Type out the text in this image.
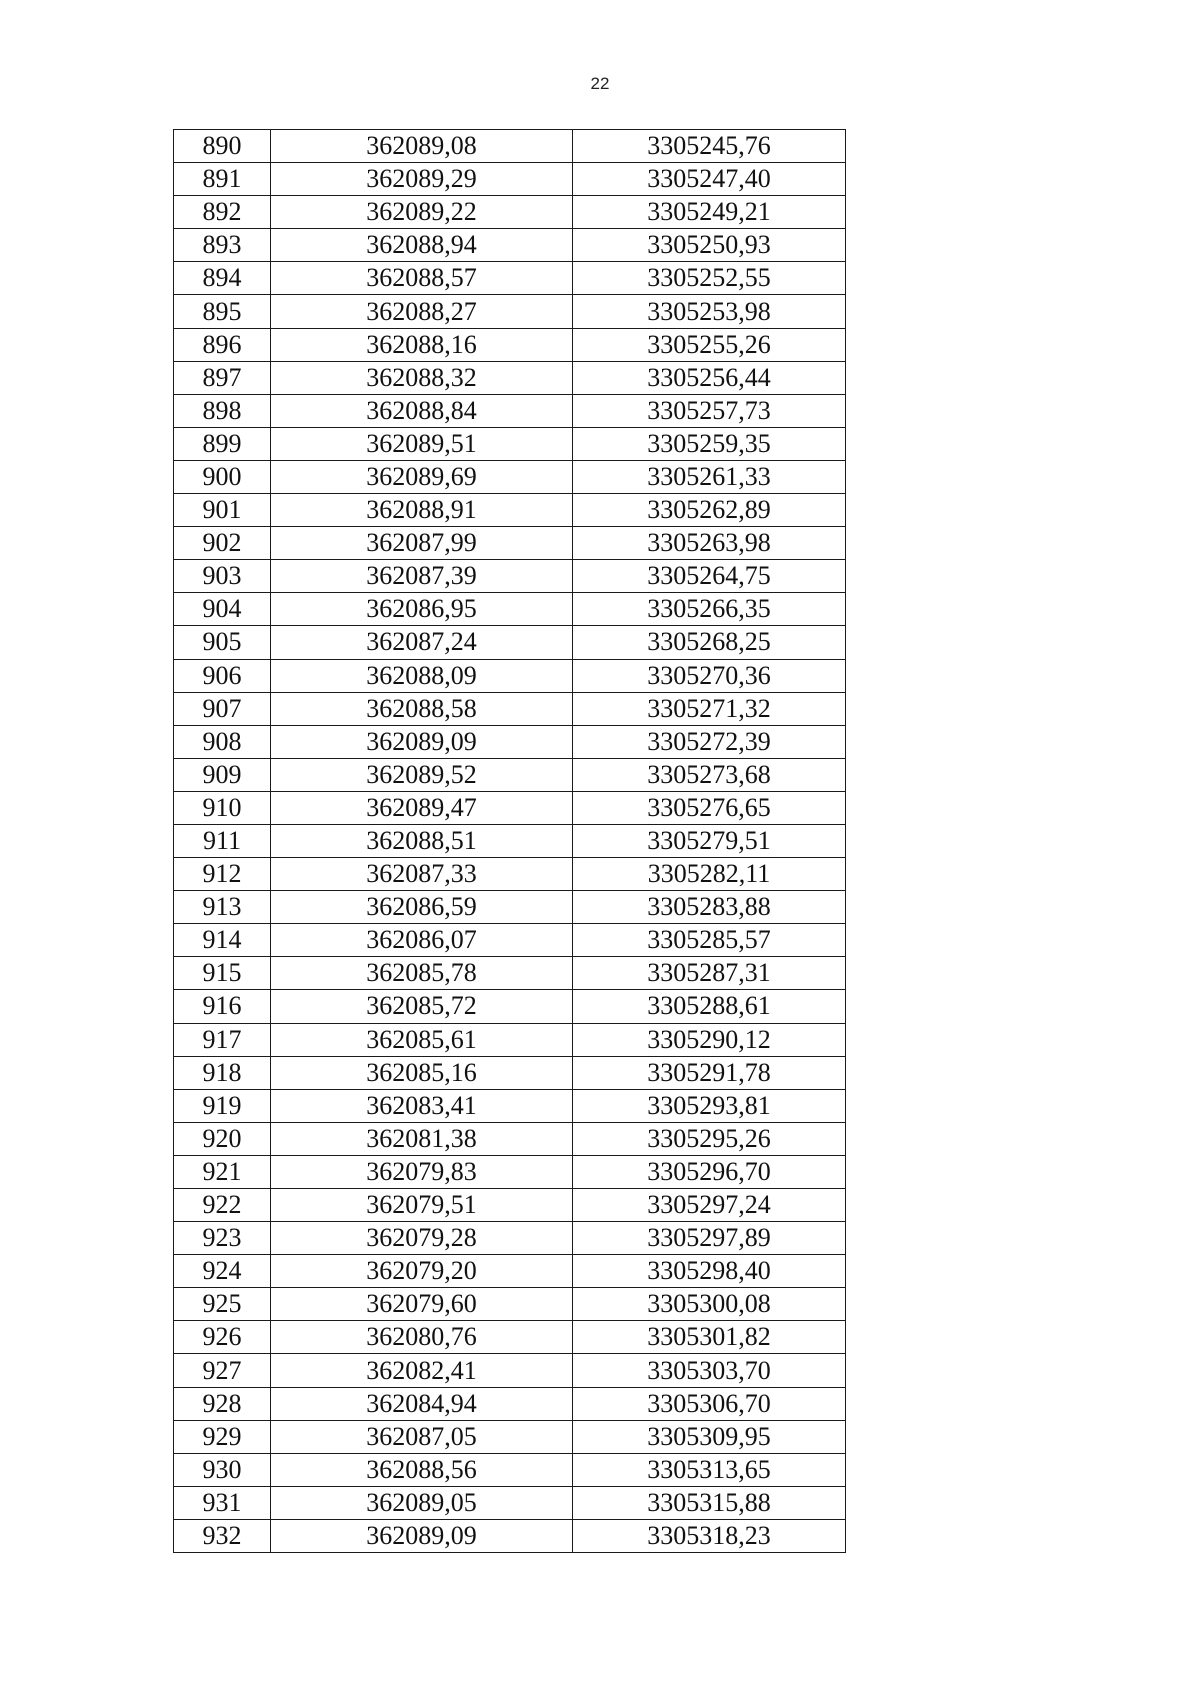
22
890	362089,08	3305245,76
891	362089,29	3305247,40
892	362089,22	3305249,21
893	362088,94	3305250,93
894	362088,57	3305252,55
895	362088,27	3305253,98
896	362088,16	3305255,26
897	362088,32	3305256,44
898	362088,84	3305257,73
899	362089,51	3305259,35
900	362089,69	3305261,33
901	362088,91	3305262,89
902	362087,99	3305263,98
903	362087,39	3305264,75
904	362086,95	3305266,35
905	362087,24	3305268,25
906	362088,09	3305270,36
907	362088,58	3305271,32
908	362089,09	3305272,39
909	362089,52	3305273,68
910	362089,47	3305276,65
911	362088,51	3305279,51
912	362087,33	3305282,11
913	362086,59	3305283,88
914	362086,07	3305285,57
915	362085,78	3305287,31
916	362085,72	3305288,61
917	362085,61	3305290,12
918	362085,16	3305291,78
919	362083,41	3305293,81
920	362081,38	3305295,26
921	362079,83	3305296,70
922	362079,51	3305297,24
923	362079,28	3305297,89
924	362079,20	3305298,40
925	362079,60	3305300,08
926	362080,76	3305301,82
927	362082,41	3305303,70
928	362084,94	3305306,70
929	362087,05	3305309,95
930	362088,56	3305313,65
931	362089,05	3305315,88
932	362089,09	3305318,23
